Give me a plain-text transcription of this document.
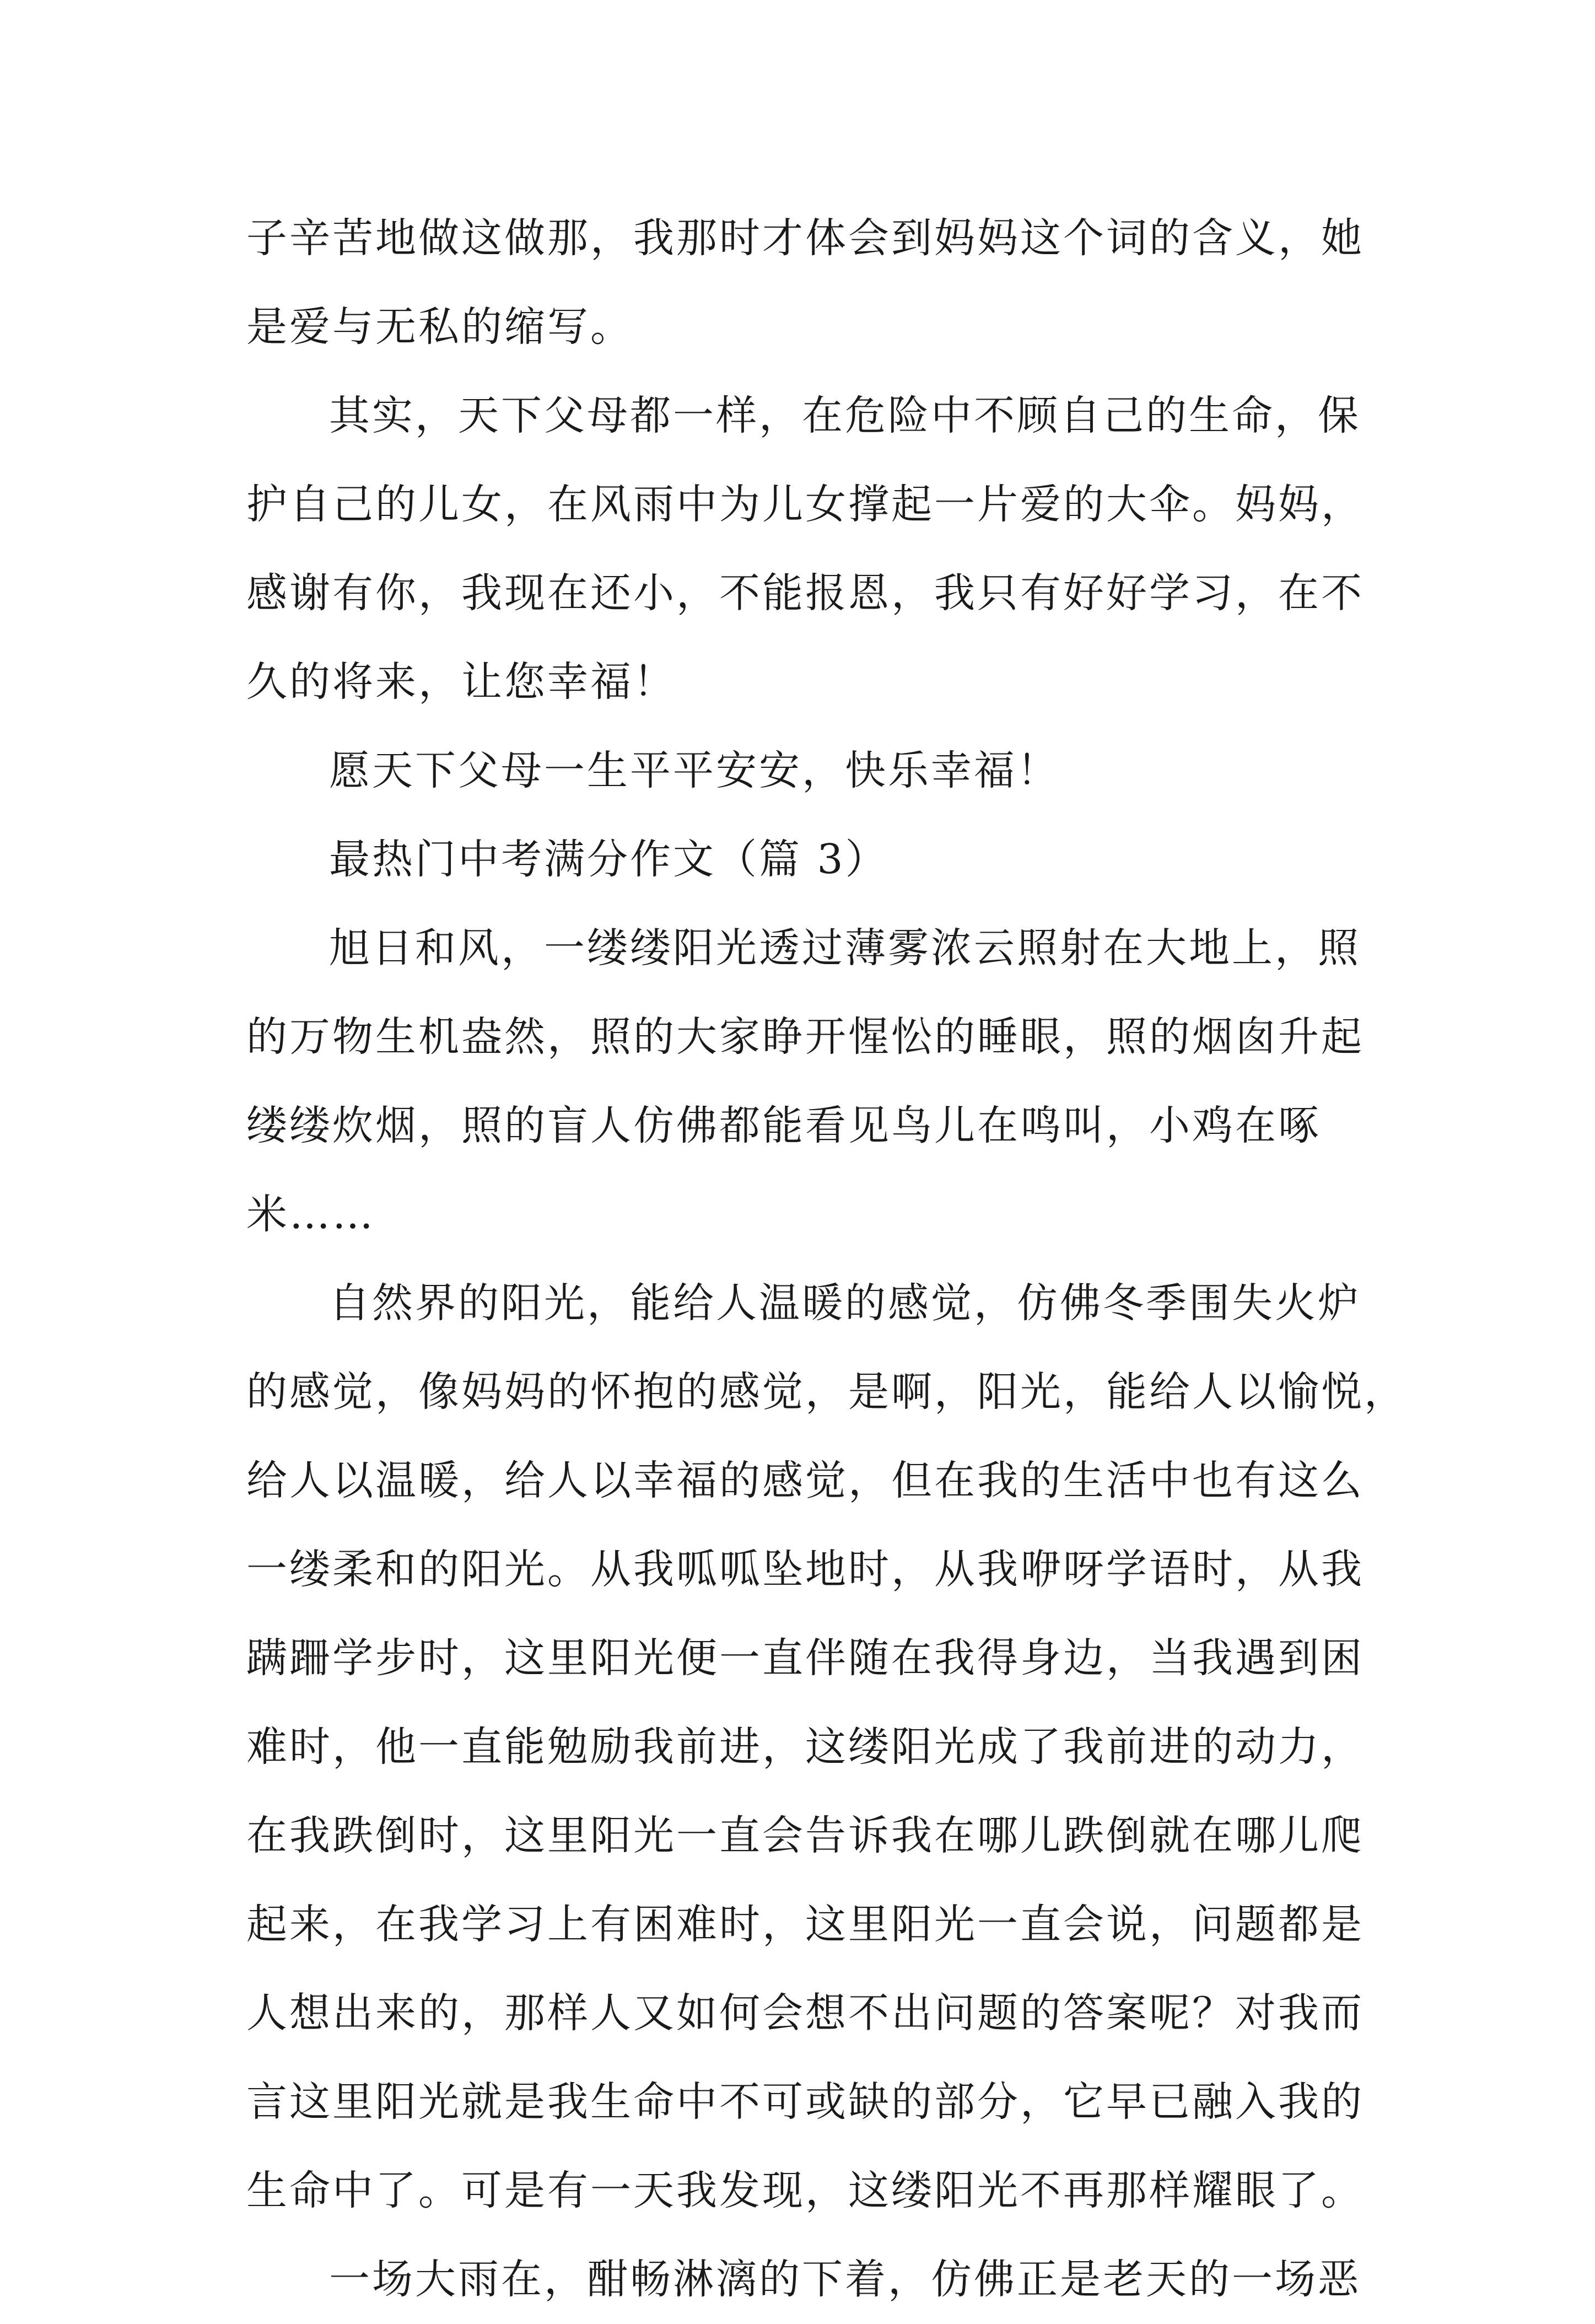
子辛苦地做这做那，我那时才体会到妈妈这个词的含义，她
是爱与无私的缩写。
其实，天下父母都一样，在危险中不顾自己的生命，保
护自己的儿女，在风雨中为儿女撑起一片爱的大伞。妈妈，
感谢有你，我现在还小，不能报恩，我只有好好学习，在不
久的将来，让您幸福！
愿天下父母一生平平安安，快乐幸福！
最热门中考满分作文（篇 3）
旭日和风，一缕缕阳光透过薄雾浓云照射在大地上，照
的万物生机盎然，照的大家睁开惺忪的睡眼，照的烟囱升起
缕缕炊烟，照的盲人仿佛都能看见鸟儿在鸣叫，小鸡在啄
米……
自然界的阳光，能给人温暖的感觉，仿佛冬季围失火炉
的感觉，像妈妈的怀抱的感觉，是啊，阳光，能给人以愉悦，
给人以温暖，给人以幸福的感觉，但在我的生活中也有这么
一缕柔和的阳光。从我呱呱坠地时，从我咿呀学语时，从我
蹒跚学步时，这里阳光便一直伴随在我得身边，当我遇到困
难时，他一直能勉励我前进，这缕阳光成了我前进的动力，
在我跌倒时，这里阳光一直会告诉我在哪儿跌倒就在哪儿爬
起来，在我学习上有困难时，这里阳光一直会说，问题都是
人想出来的，那样人又如何会想不出问题的答案呢？对我而
言这里阳光就是我生命中不可或缺的部分，它早已融入我的
生命中了。可是有一天我发现，这缕阳光不再那样耀眼了。
一场大雨在，酣畅淋漓的下着，仿佛正是老天的一场恶
